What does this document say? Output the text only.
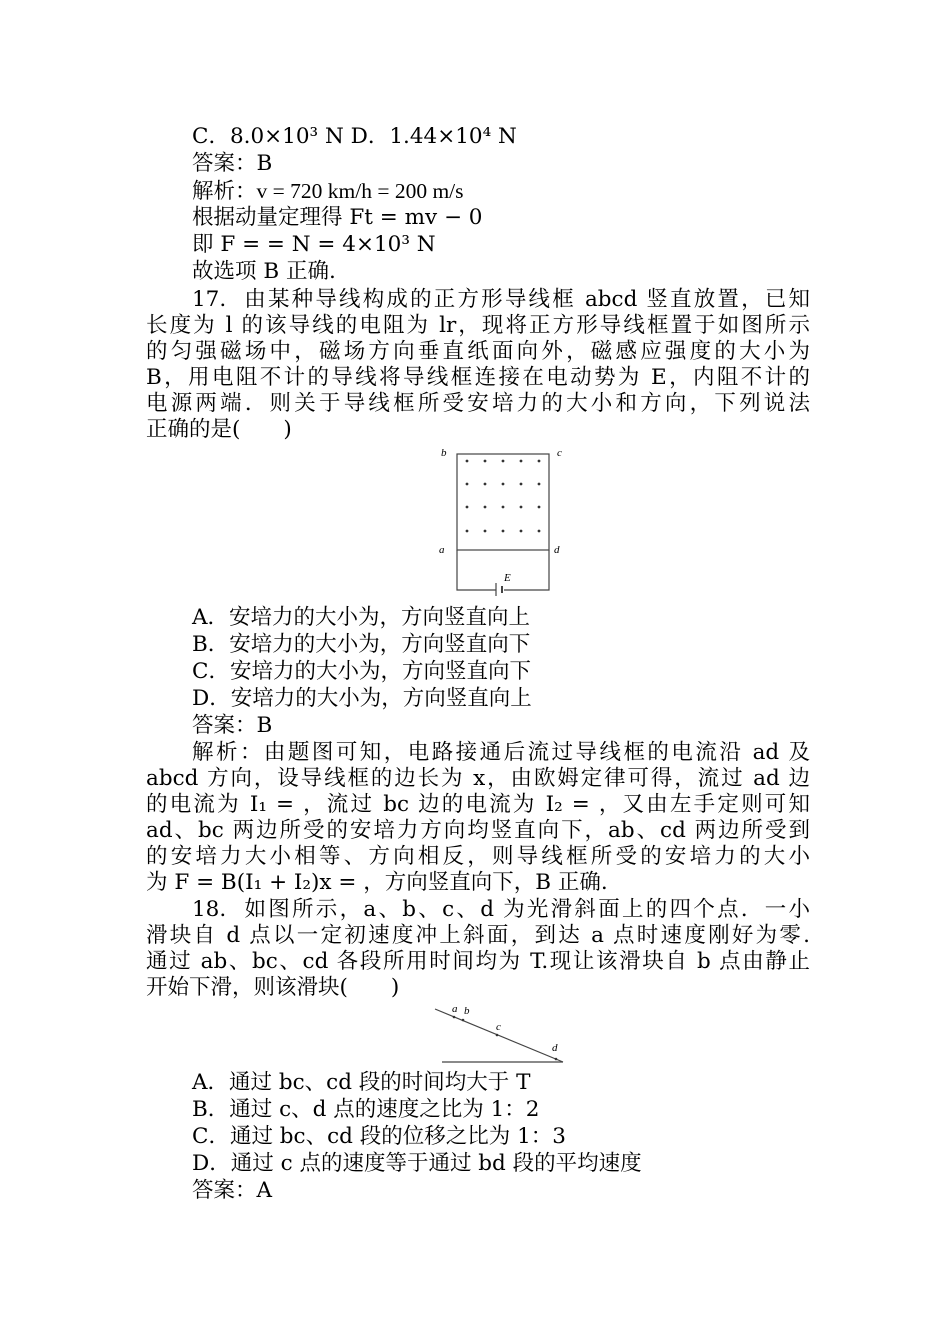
C．8.0×10³ N D．1.44×10⁴ N
答案：B
解析：v = 720 km/h = 200 m/s
根据动量定理得 Ft = mv − 0
即 F = = N = 4×10³ N
故选项 B 正确.
17. 由某种导线构成的正方形导线框 abcd 竖直放置，已知
长度为 l 的该导线的电阻为 lr，现将正方形导线框置于如图所示
的匀强磁场中，磁场方向垂直纸面向外，磁感应强度的大小为
B，用电阻不计的导线将导线框连接在电动势为 E，内阻不计的
电源两端．则关于导线框所受安培力的大小和方向，下列说法
正确的是(　　)
b	c
a	d
E
A．安培力的大小为，方向竖直向上
B．安培力的大小为，方向竖直向下
C．安培力的大小为，方向竖直向下
D．安培力的大小为，方向竖直向上
答案：B
解析：由题图可知，电路接通后流过导线框的电流沿 ad 及
abcd 方向，设导线框的边长为 x，由欧姆定律可得，流过 ad 边
的电流为 I₁ = ，流过 bc 边的电流为 I₂ = ，又由左手定则可知
ad、bc 两边所受的安培力方向均竖直向下，ab、cd 两边所受到
的安培力大小相等、方向相反，则导线框所受的安培力的大小
为 F = B(I₁ + I₂)x = ，方向竖直向下，B 正确.
18. 如图所示，a、b、c、d 为光滑斜面上的四个点．一小
滑块自 d 点以一定初速度冲上斜面，到达 a 点时速度刚好为零.
通过 ab、bc、cd 各段所用时间均为 T.现让该滑块自 b 点由静止
开始下滑，则该滑块(　　)
a b
c
d
A．通过 bc、cd 段的时间均大于 T
B．通过 c、d 点的速度之比为 1：2
C．通过 bc、cd 段的位移之比为 1：3
D．通过 c 点的速度等于通过 bd 段的平均速度
答案：A
